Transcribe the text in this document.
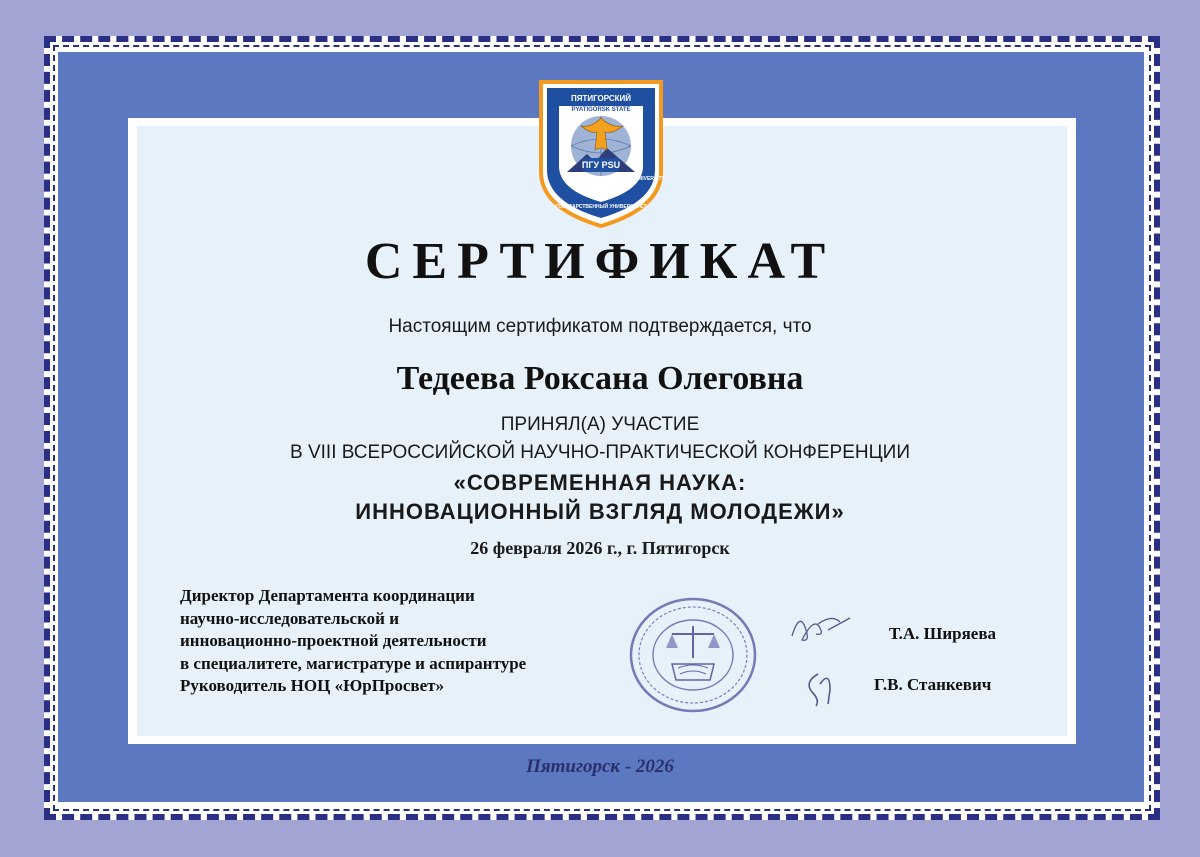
ПЯТИГОРСКИЙ
PYATIGORSK STATE
ПГУ PSU
UNIVERSITY
ГОСУДАРСТВЕННЫЙ УНИВЕРСИТЕТ
СЕРТИФИКАТ
Настоящим сертификатом подтверждается, что
Тедеева Роксана Олеговна
ПРИНЯЛ(А) УЧАСТИЕ
В VIII ВСЕРОССИЙСКОЙ НАУЧНО-ПРАКТИЧЕСКОЙ КОНФЕРЕНЦИИ
«СОВРЕМЕННАЯ НАУКА:
ИННОВАЦИОННЫЙ ВЗГЛЯД МОЛОДЕЖИ»
26 февраля 2026 г., г. Пятигорск
Директор Департамента координации
научно-исследовательской и
инновационно-проектной деятельности
в специалитете, магистратуре и аспирантуре
Руководитель НОЦ «ЮрПросвет»
Т.А. Ширяева
Г.В. Станкевич
Пятигорск - 2026
